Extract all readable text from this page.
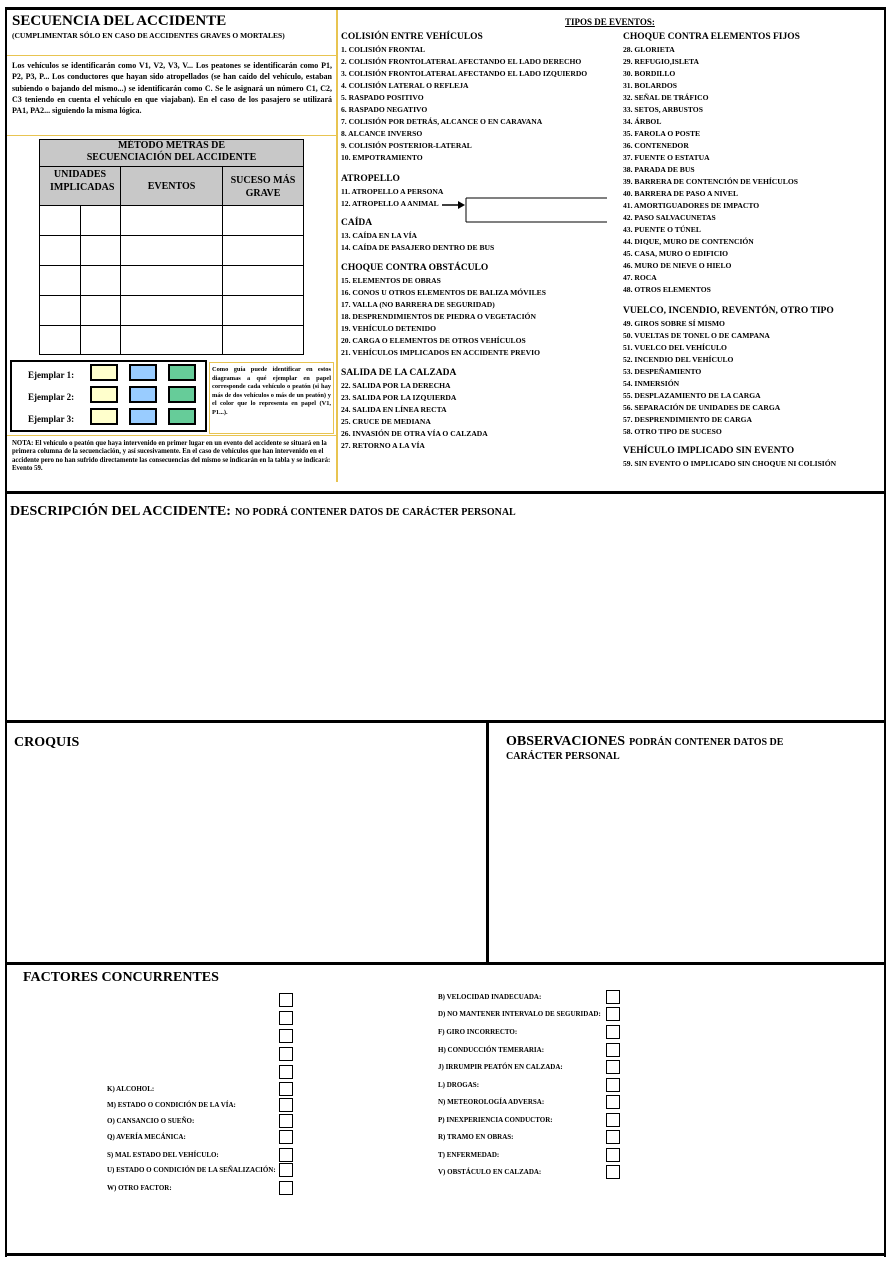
SECUENCIA DEL ACCIDENTE
(CUMPLIMENTAR SÓLO EN CASO DE ACCIDENTES GRAVES O MORTALES)
Los vehículos se identificarán como V1, V2, V3, V... Los peatones se identificarán como P1, P2, P3, P... Los conductores que hayan sido atropellados (se han caído del vehículo, estaban subiendo o bajando del mismo...) se identificarán como C. Se le asignará un número C1, C2, C3 teniendo en cuenta el vehículo en que viajaban). En el caso de los pasajero se utilizará PA1, PA2... siguiendo la misma lógica.
MÉTODO METRAS DE SECUENCIACIÓN DEL ACCIDENTE
UNIDADES IMPLICADAS	EVENTOS
SUCESO MÁS GRAVE
Ejemplar 1:
Ejemplar 2:
Ejemplar 3:
Como guía puede identificar en estos diagramas a qué ejemplar en papel corresponde cada vehículo o peatón (si hay más de dos vehículos o más de un peatón) y el color que lo representa en papel (V1, P1...).
NOTA: El vehículo o peatón que haya intervenido en primer lugar en un evento del accidente se situará en la primera columna de la secuenciación, y así sucesivamente. En el caso de vehículos que han intervenido en el accidente pero no han sufrido directamente las consecuencias del mismo se indicarán en la tabla y se indicará: Evento 59.
TIPOS DE EVENTOS:
COLISIÓN ENTRE VEHÍCULOS
1. COLISIÓN FRONTAL
2. COLISIÓN FRONTOLATERAL AFECTANDO EL LADO DERECHO
3. COLISIÓN FRONTOLATERAL AFECTANDO EL LADO IZQUIERDO
4. COLISIÓN LATERAL O REFLEJA
5. RASPADO POSITIVO
6. RASPADO NEGATIVO
7. COLISIÓN POR DETRÁS, ALCANCE O EN CARAVANA
8. ALCANCE INVERSO
9. COLISIÓN POSTERIOR-LATERAL
10. EMPOTRAMIENTO
ATROPELLO
11. ATROPELLO A PERSONA
12. ATROPELLO A ANIMAL
CAÍDA
13. CAÍDA EN LA VÍA
14. CAÍDA DE PASAJERO DENTRO DE BUS
CHOQUE CONTRA OBSTÁCULO
15. ELEMENTOS DE OBRAS
16. CONOS U OTROS ELEMENTOS DE BALIZA MÓVILES
17. VALLA (NO BARRERA DE SEGURIDAD)
18. DESPRENDIMIENTOS DE PIEDRA O VEGETACIÓN
19. VEHÍCULO DETENIDO
20. CARGA O ELEMENTOS DE OTROS VEHÍCULOS
21. VEHÍCULOS IMPLICADOS EN ACCIDENTE PREVIO
SALIDA DE LA CALZADA
22. SALIDA POR LA DERECHA
23. SALIDA POR LA IZQUIERDA
24. SALIDA EN LÍNEA RECTA
25. CRUCE DE MEDIANA
26. INVASIÓN DE OTRA VÍA O CALZADA
27. RETORNO A LA VÍA
CHOQUE CONTRA ELEMENTOS FIJOS
28. GLORIETA
29. REFUGIO,ISLETA
30. BORDILLO
31. BOLARDOS
32. SEÑAL DE TRÁFICO
33. SETOS, ARBUSTOS
34. ÁRBOL
35. FAROLA O POSTE
36. CONTENEDOR
37. FUENTE O ESTATUA
38. PARADA DE BUS
39. BARRERA DE CONTENCIÓN DE VEHÍCULOS
40. BARRERA DE PASO A NIVEL
41. AMORTIGUADORES DE IMPACTO
42. PASO SALVACUNETAS
43. PUENTE O TÚNEL
44. DIQUE, MURO DE CONTENCIÓN
45. CASA, MURO O EDIFICIO
46. MURO DE NIEVE O HIELO
47. ROCA
48. OTROS ELEMENTOS
VUELCO, INCENDIO, REVENTÓN, OTRO TIPO
49. GIROS SOBRE SÍ MISMO
50. VUELTAS DE TONEL O DE CAMPANA
51. VUELCO DEL VEHÍCULO
52. INCENDIO DEL VEHÍCULO
53. DESPEÑAMIENTO
54. INMERSIÓN
55. DESPLAZAMIENTO DE LA CARGA
56. SEPARACIÓN DE UNIDADES DE CARGA
57. DESPRENDIMIENTO DE CARGA
58. OTRO TIPO DE SUCESO
VEHÍCULO IMPLICADO SIN EVENTO
59. SIN EVENTO O IMPLICADO SIN CHOQUE NI COLISIÓN
DESCRIPCIÓN DEL ACCIDENTE: NO PODRÁ CONTENER DATOS DE CARÁCTER PERSONAL
CROQUIS	OBSERVACIONES PODRÁN CONTENER DATOS DE CARÁCTER PERSONAL
FACTORES CONCURRENTES
K) ALCOHOL:
M) ESTADO O CONDICIÓN DE LA VÍA:
O) CANSANCIO O SUEÑO:
Q) AVERÍA MECÁNICA:
S) MAL ESTADO DEL VEHÍCULO:
U) ESTADO O CONDICIÓN DE LA SEÑALIZACIÓN:
W) OTRO FACTOR:
B) VELOCIDAD INADECUADA:
D) NO MANTENER INTERVALO DE SEGURIDAD:
F) GIRO INCORRECTO:
H) CONDUCCIÓN TEMERARIA:
J) IRRUMPIR PEATÓN EN CALZADA:
L) DROGAS:
N) METEOROLOGÍA ADVERSA:
P) INEXPERIENCIA CONDUCTOR:
R) TRAMO EN OBRAS:
T) ENFERMEDAD:
V) OBSTÁCULO EN CALZADA:
